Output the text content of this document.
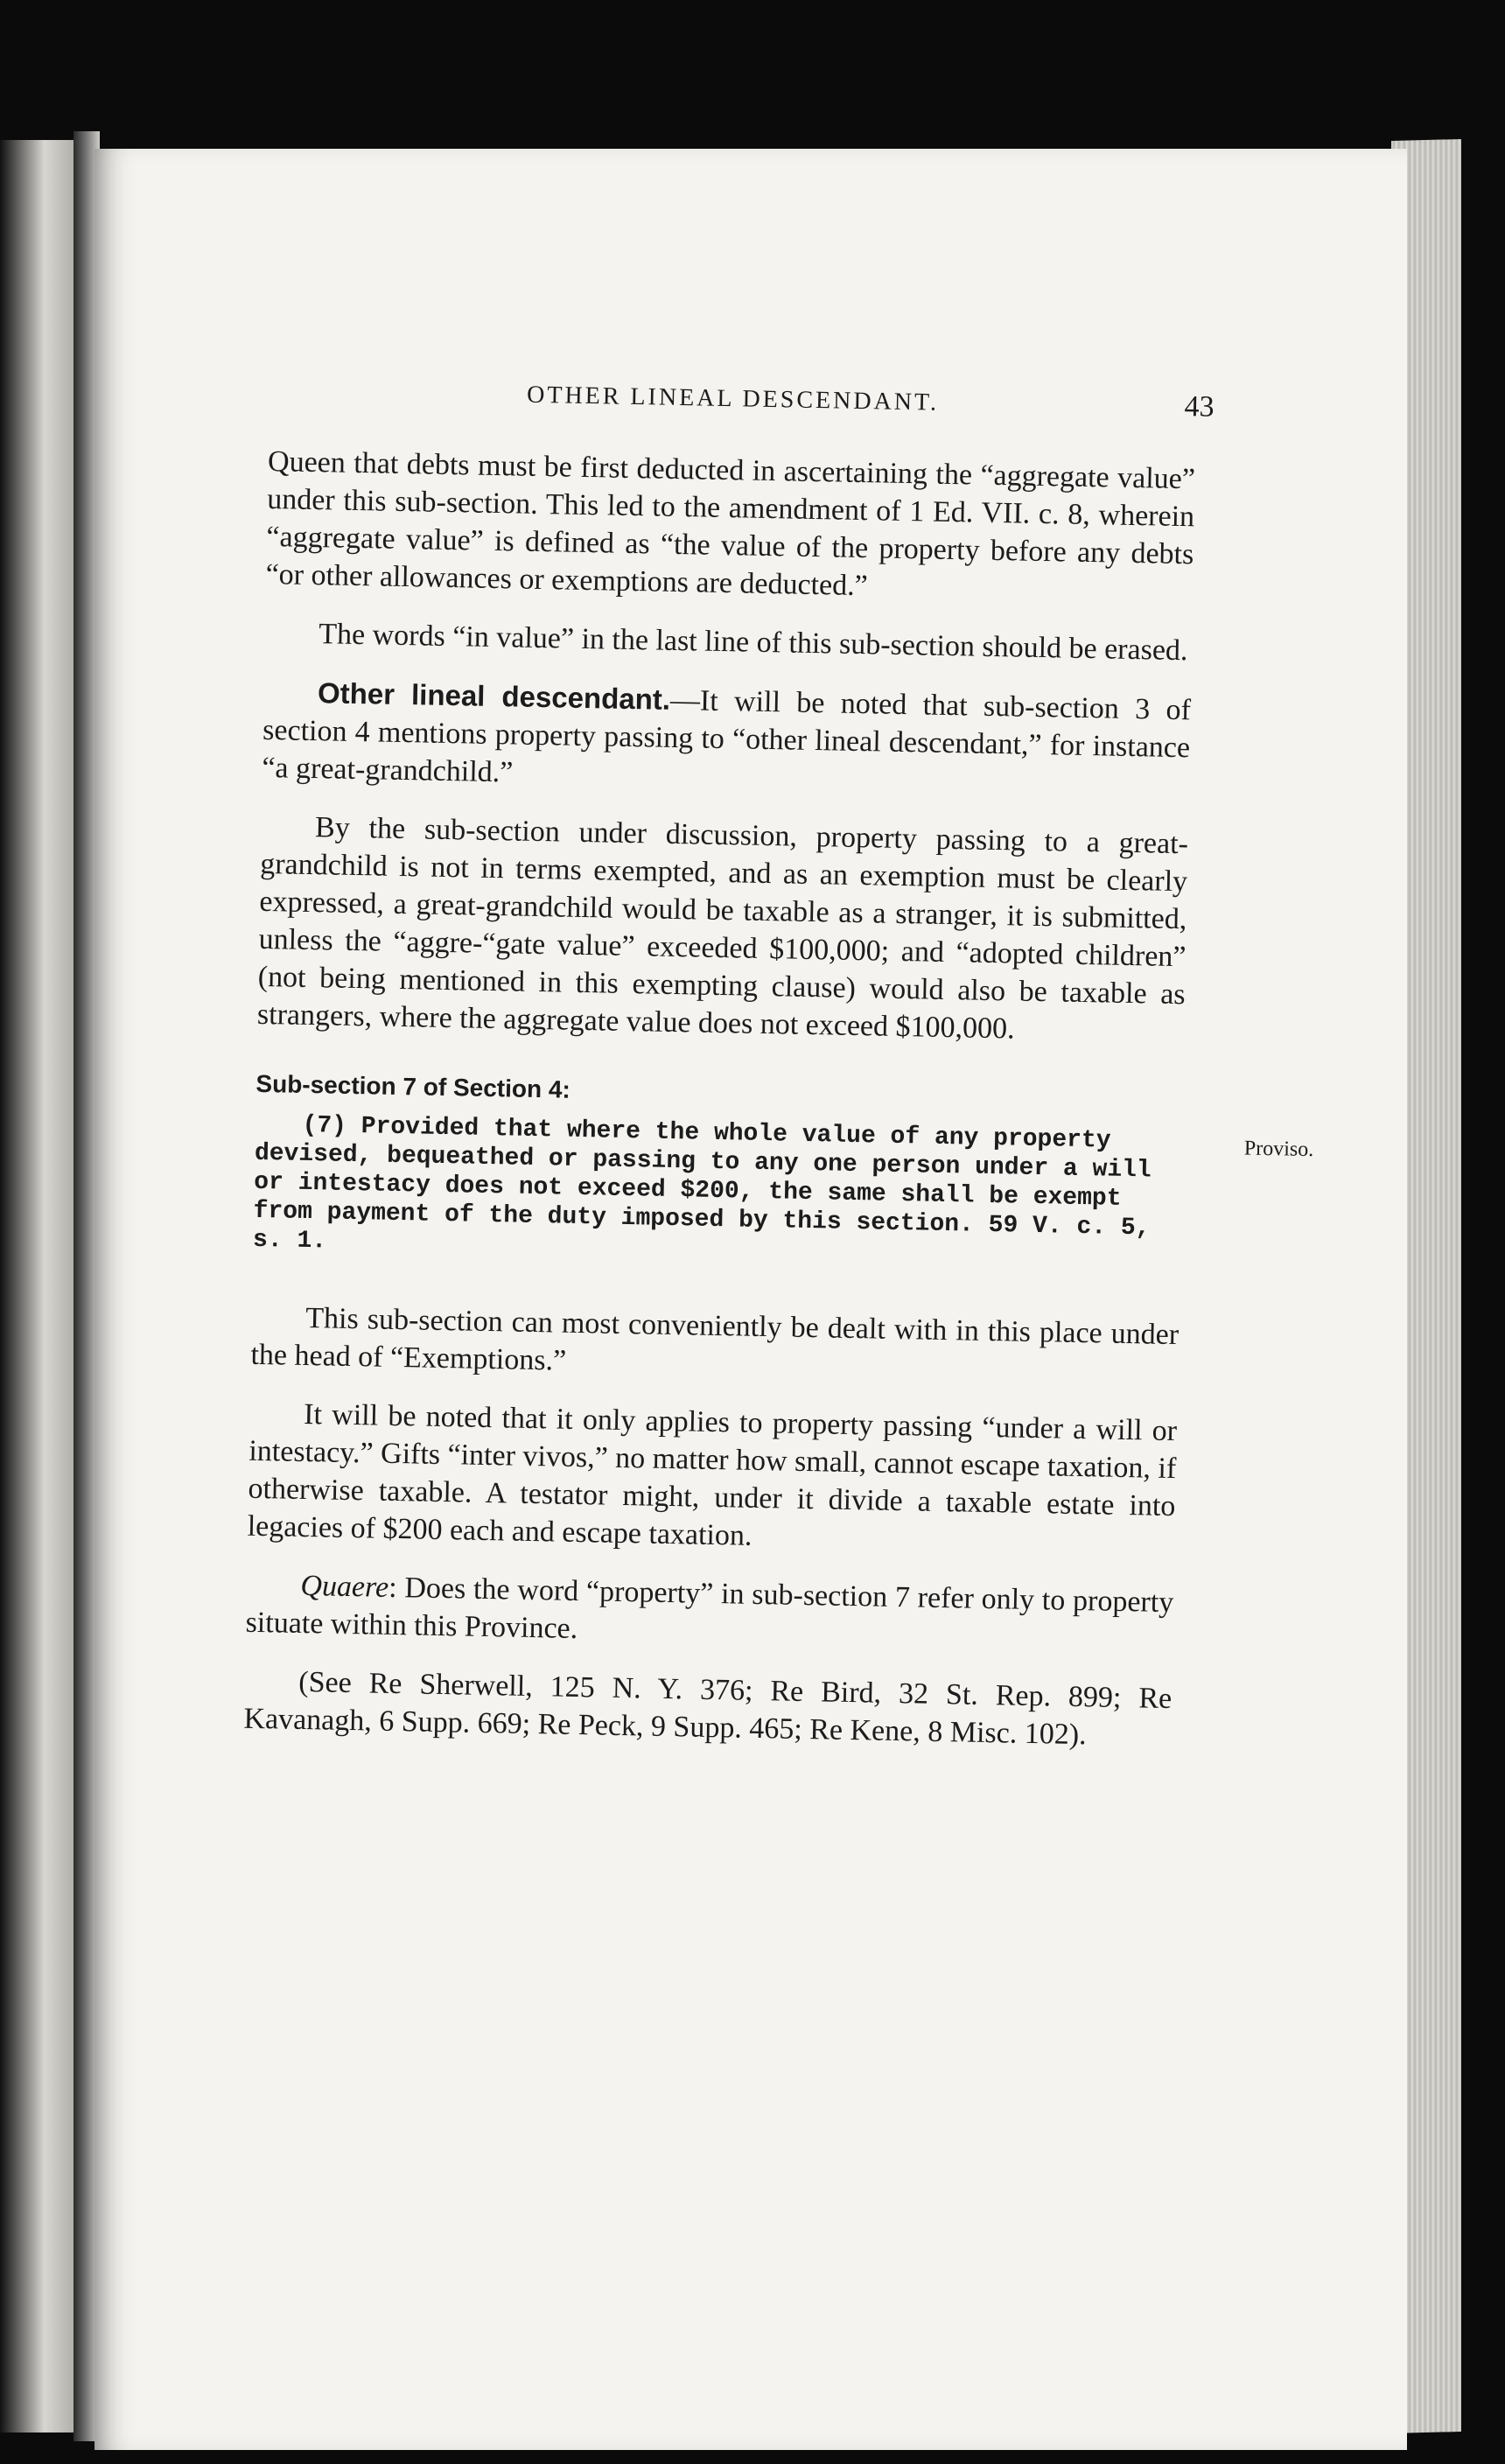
OTHER LINEAL DESCENDANT.	43

Queen that debts must be first deducted in ascertaining the “aggregate value” under this sub-section. This led to the amendment of 1 Ed. VII. c. 8, wherein “aggregate value” is defined as “the value of the property before any debts “or other allowances or exemptions are deducted.”

The words “in value” in the last line of this sub-section should be erased.

Other lineal descendant.—It will be noted that sub-section 3 of section 4 mentions property passing to “other lineal descendant,” for instance “a great-grandchild.”

By the sub-section under discussion, property passing to a great-grandchild is not in terms exempted, and as an exemption must be clearly expressed, a great-grandchild would be taxable as a stranger, it is submitted, unless the “aggre-“gate value” exceeded $100,000; and “adopted children” (not being mentioned in this exempting clause) would also be taxable as strangers, where the aggregate value does not exceed $100,000.

Sub-section 7 of Section 4:
(7) Provided that where the whole value of any property devised, bequeathed or passing to any one person under a will or intestacy does not exceed $200, the same shall be exempt from payment of the duty imposed by this section. 59 V. c. 5, s. 1.
Proviso.

This sub-section can most conveniently be dealt with in this place under the head of “Exemptions.”

It will be noted that it only applies to property passing “under a will or intestacy.” Gifts “inter vivos,” no matter how small, cannot escape taxation, if otherwise taxable. A testator might, under it divide a taxable estate into legacies of $200 each and escape taxation.

Quaere: Does the word “property” in sub-section 7 refer only to property situate within this Province.

(See Re Sherwell, 125 N. Y. 376; Re Bird, 32 St. Rep. 899; Re Kavanagh, 6 Supp. 669; Re Peck, 9 Supp. 465; Re Kene, 8 Misc. 102).
